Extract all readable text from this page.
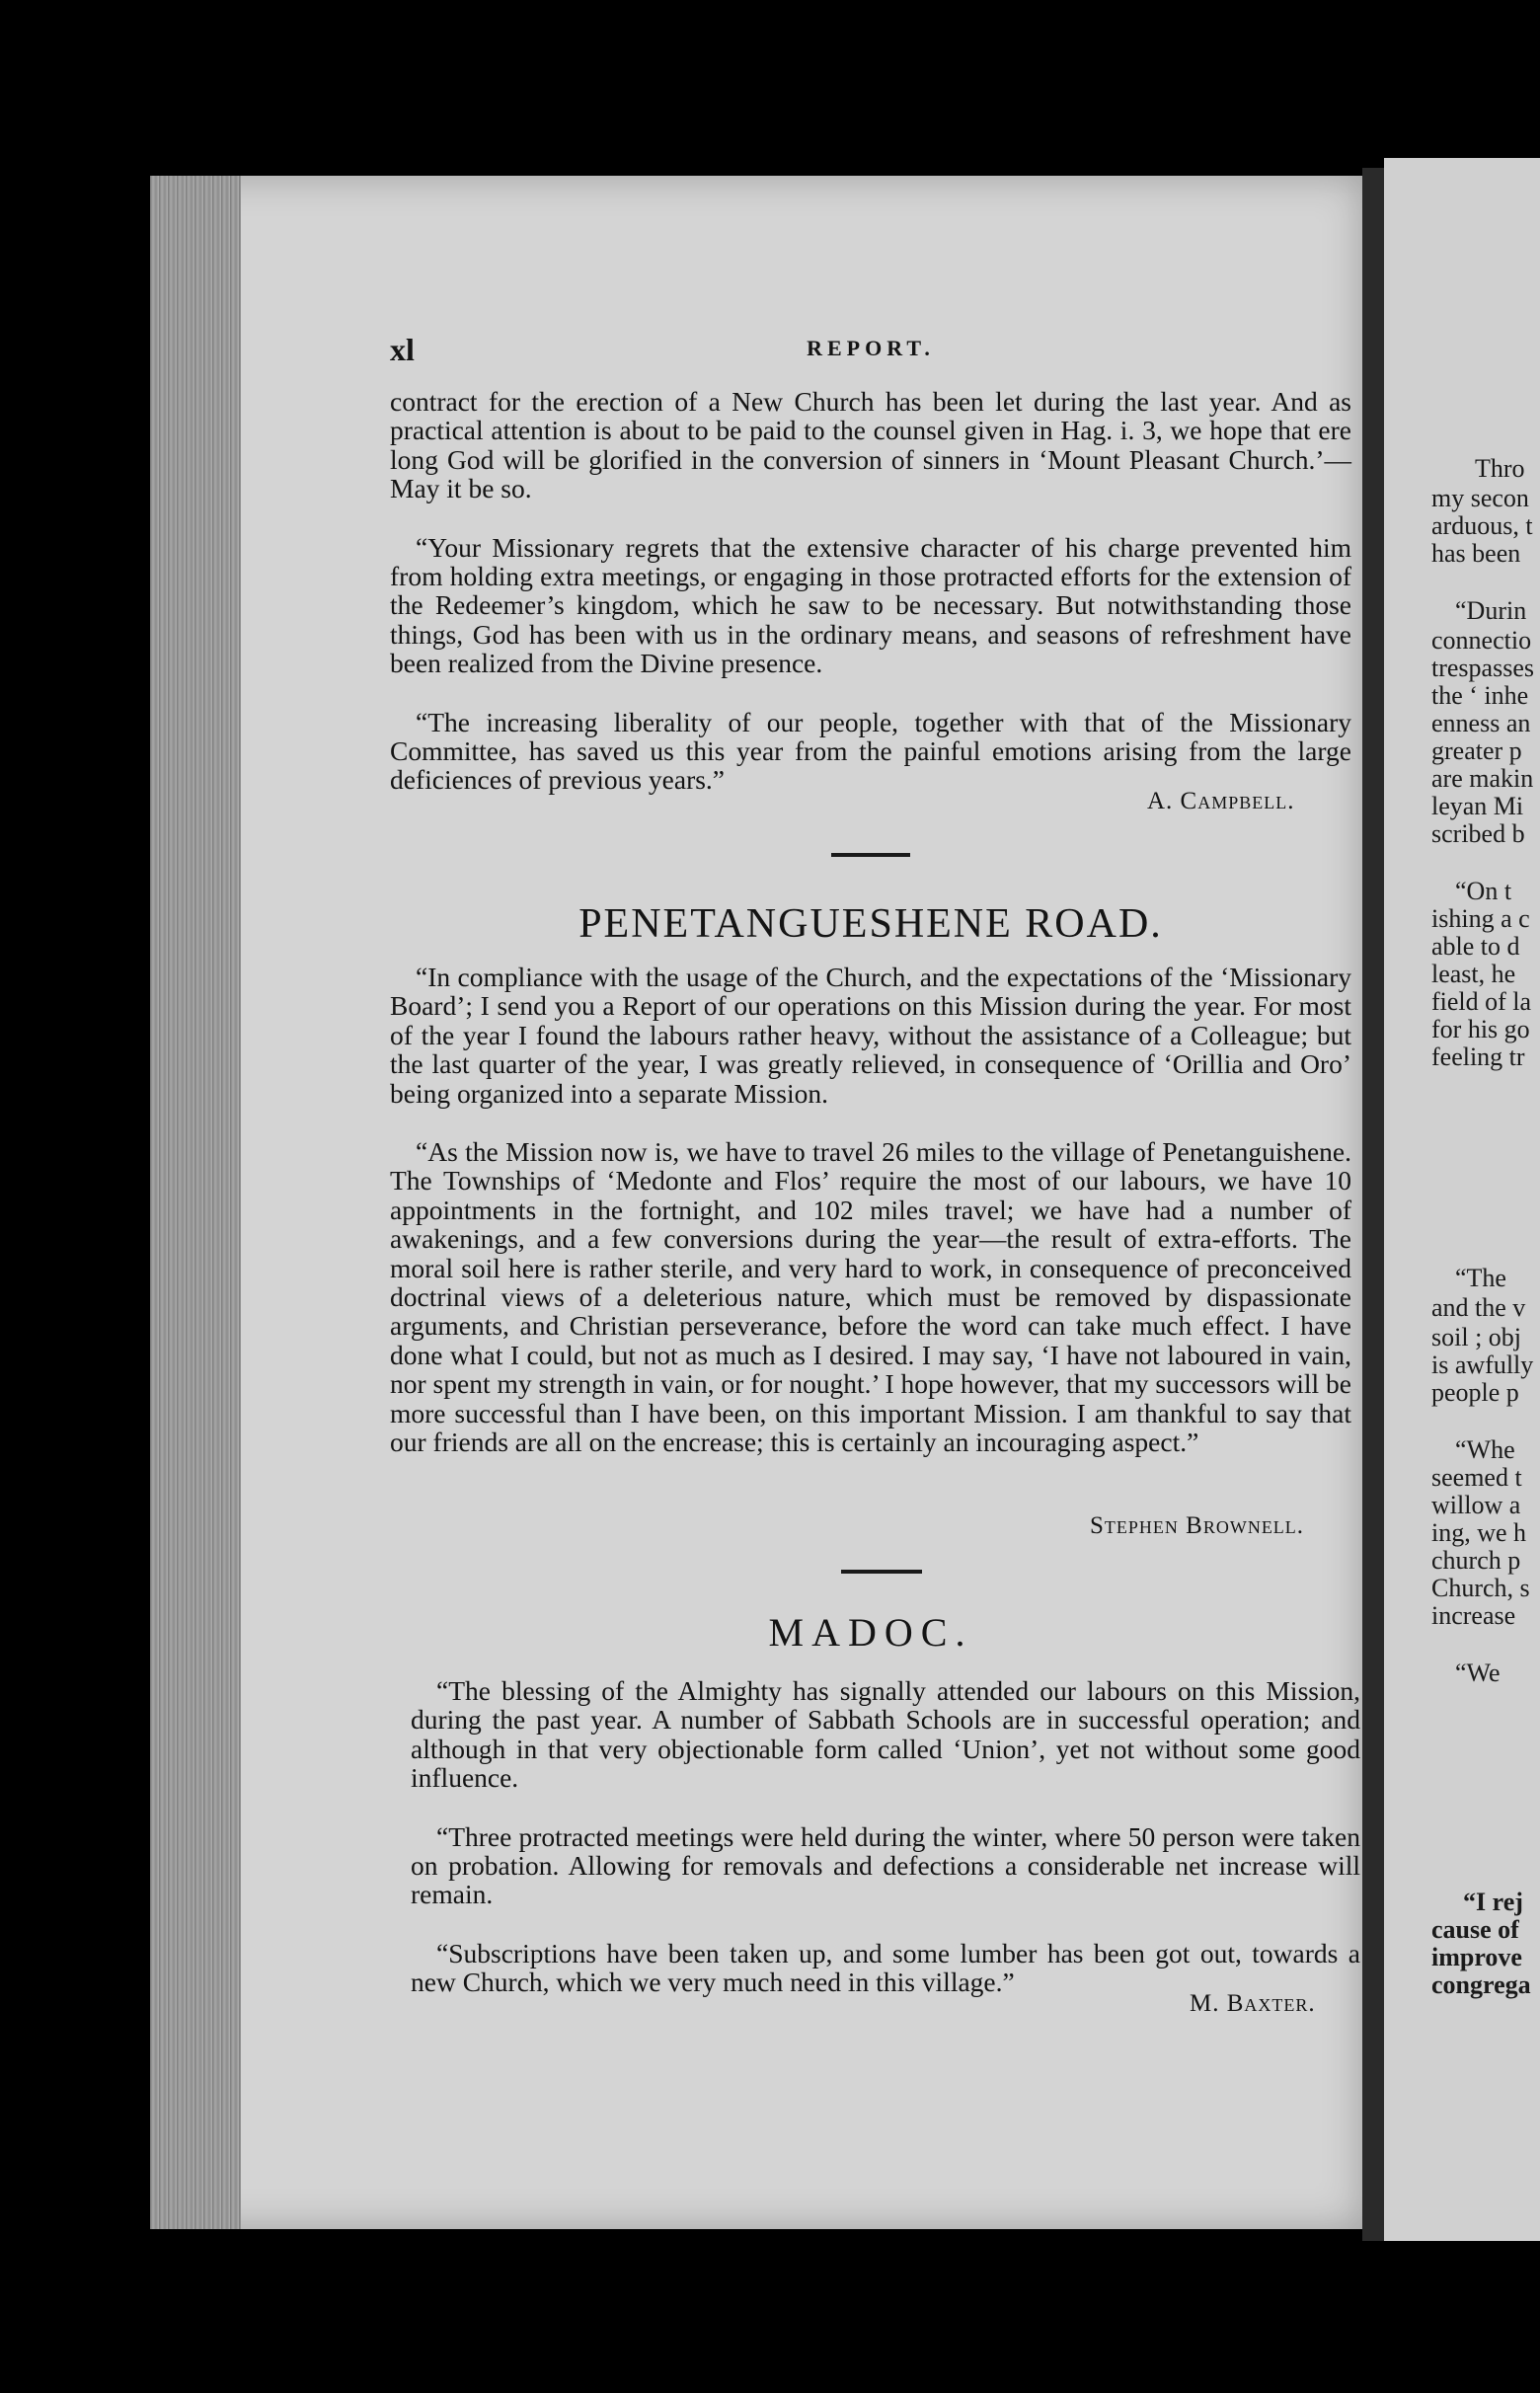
Thro
my secon
arduous, t
has been
“Durin
connectio
trespasses
the ‘ inhe
enness an
greater p
are makin
leyan Mi
scribed b
“On t
ishing a c
able to d
least, he
field of la
for his go
feeling tr
“The
and the v
soil ; obj
is awfully
people p
“Whe
seemed t
willow a
ing, we h
church p
Church, s
increase
“We
“I rej
cause of
improve
congrega
xl	REPORT.

contract for the erection of a New Church has been let during the last year. And as practical attention is about to be paid to the counsel given in Hag. i. 3, we hope that ere long God will be glorified in the conversion of sinners in ‘Mount Pleasant Church.’—May it be so.

“Your Missionary regrets that the extensive character of his charge prevented him from holding extra meetings, or engaging in those protracted efforts for the extension of the Redeemer’s kingdom, which he saw to be necessary. But notwithstanding those things, God has been with us in the ordinary means, and seasons of refreshment have been realized from the Divine presence.

“The increasing liberality of our people, together with that of the Missionary Committee, has saved us this year from the painful emotions arising from the large deficiences of previous years.”

A. Campbell.
PENETANGUESHENE ROAD.

“In compliance with the usage of the Church, and the expectations of the ‘Missionary Board’; I send you a Report of our operations on this Mission during the year. For most of the year I found the labours rather heavy, without the assistance of a Colleague; but the last quarter of the year, I was greatly relieved, in consequence of ‘Orillia and Oro’ being organized into a separate Mission.

“As the Mission now is, we have to travel 26 miles to the village of Penetanguishene. The Townships of ‘Medonte and Flos’ require the most of our labours, we have 10 appointments in the fortnight, and 102 miles travel; we have had a number of awakenings, and a few conversions during the year—the result of extra-efforts. The moral soil here is rather sterile, and very hard to work, in consequence of preconceived doctrinal views of a deleterious nature, which must be removed by dispassionate arguments, and Christian perseverance, before the word can take much effect. I have done what I could, but not as much as I desired. I may say, ‘I have not laboured in vain, nor spent my strength in vain, or for nought.’ I hope however, that my successors will be more successful than I have been, on this important Mission. I am thankful to say that our friends are all on the encrease; this is certainly an incouraging aspect.”

Stephen Brownell.
MADOC.

“The blessing of the Almighty has signally attended our labours on this Mission, during the past year. A number of Sabbath Schools are in successful operation; and although in that very objectionable form called ‘Union’, yet not without some good influence.

“Three protracted meetings were held during the winter, where 50 person were taken on probation. Allowing for removals and defections a considerable net increase will remain.

“Subscriptions have been taken up, and some lumber has been got out, towards a new Church, which we very much need in this village.”

M. Baxter.
